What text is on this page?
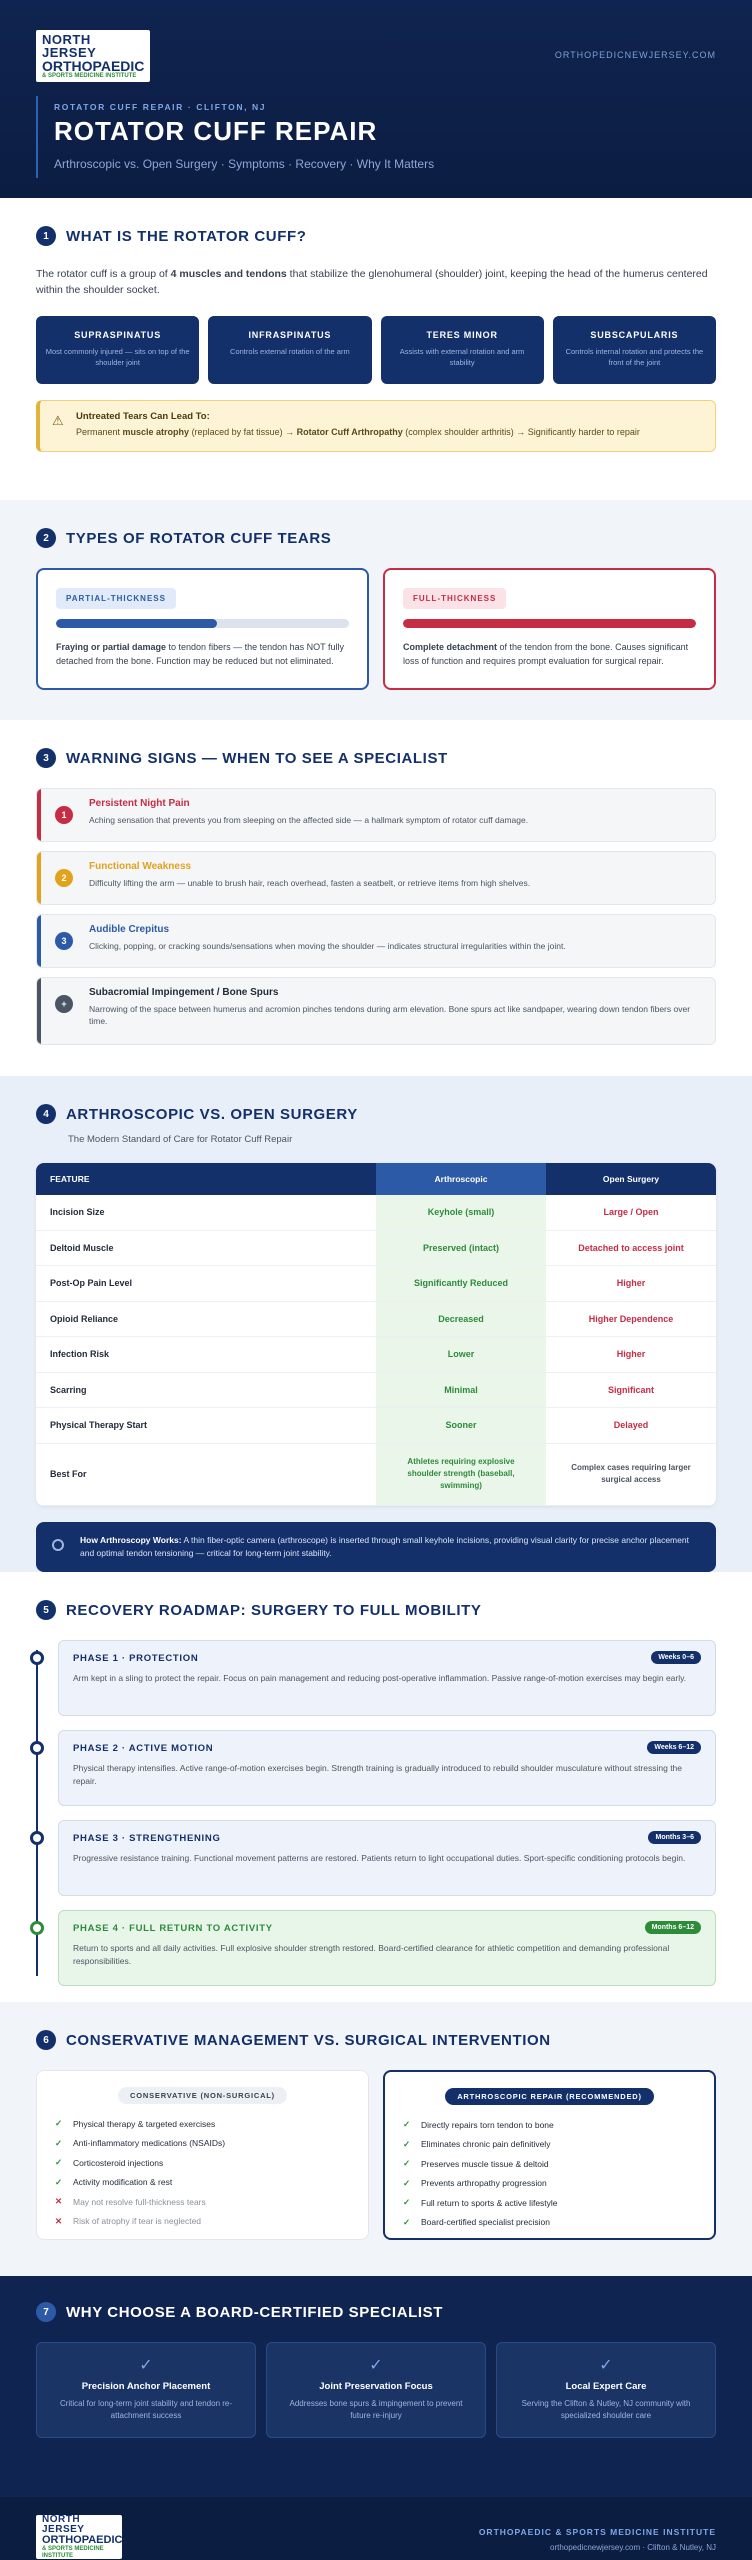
NORTH JERSEY
ORTHOPAEDIC
& SPORTS MEDICINE INSTITUTE
ORTHOPEDICNEWJERSEY.COM
ROTATOR CUFF REPAIR · CLIFTON, NJ
ROTATOR CUFF REPAIR
Arthroscopic vs. Open Surgery · Symptoms · Recovery · Why It Matters
1	WHAT IS THE ROTATOR CUFF?

The rotator cuff is a group of 4 muscles and tendons that stabilize the glenohumeral (shoulder) joint, keeping the head of the humerus centered within the shoulder socket.

SUPRASPINATUS
Most commonly injured — sits on top of the shoulder joint
INFRASPINATUS
Controls external rotation of the arm
TERES MINOR
Assists with external rotation and arm stability
SUBSCAPULARIS
Controls internal rotation and protects the front of the joint
⚠ Untreated Tears Can Lead To:
Permanent muscle atrophy (replaced by fat tissue) → Rotator Cuff Arthropathy (complex shoulder arthritis) → Significantly harder to repair
2	TYPES OF ROTATOR CUFF TEARS
PARTIAL-THICKNESS
Fraying or partial damage to tendon fibers — the tendon has NOT fully detached from the bone. Function may be reduced but not eliminated.
FULL-THICKNESS
Complete detachment of the tendon from the bone. Causes significant loss of function and requires prompt evaluation for surgical repair.
3	WARNING SIGNS — WHEN TO SEE A SPECIALIST
1
Persistent Night Pain
Aching sensation that prevents you from sleeping on the affected side — a hallmark symptom of rotator cuff damage.
2
Functional Weakness
Difficulty lifting the arm — unable to brush hair, reach overhead, fasten a seatbelt, or retrieve items from high shelves.
3
Audible Crepitus
Clicking, popping, or cracking sounds/sensations when moving the shoulder — indicates structural irregularities within the joint.
+
Subacromial Impingement / Bone Spurs
Narrowing of the space between humerus and acromion pinches tendons during arm elevation. Bone spurs act like sandpaper, wearing down tendon fibers over time.
4	ARTHROSCOPIC VS. OPEN SURGERY
The Modern Standard of Care for Rotator Cuff Repair
FEATURE	Arthroscopic	Open Surgery
Incision Size	Keyhole (small)	Large / Open
Deltoid Muscle	Preserved (intact)	Detached to access joint
Post-Op Pain Level	Significantly Reduced	Higher
Opioid Reliance	Decreased	Higher Dependence
Infection Risk	Lower	Higher
Scarring	Minimal	Significant
Physical Therapy Start	Sooner	Delayed
Best For	Athletes requiring explosive shoulder strength (baseball, swimming)	Complex cases requiring larger surgical access
How Arthroscopy Works: A thin fiber-optic camera (arthroscope) is inserted through small keyhole incisions, providing visual clarity for precise anchor placement and optimal tendon tensioning — critical for long-term joint stability.
5	RECOVERY ROADMAP: SURGERY TO FULL MOBILITY
PHASE 1 · PROTECTION	Weeks 0–6
Arm kept in a sling to protect the repair. Focus on pain management and reducing post-operative inflammation. Passive range-of-motion exercises may begin early.
PHASE 2 · ACTIVE MOTION	Weeks 6–12
Physical therapy intensifies. Active range-of-motion exercises begin. Strength training is gradually introduced to rebuild shoulder musculature without stressing the repair.
PHASE 3 · STRENGTHENING	Months 3–6
Progressive resistance training. Functional movement patterns are restored. Patients return to light occupational duties. Sport-specific conditioning protocols begin.
PHASE 4 · FULL RETURN TO ACTIVITY	Months 6–12
Return to sports and all daily activities. Full explosive shoulder strength restored. Board-certified clearance for athletic competition and demanding professional responsibilities.
6	CONSERVATIVE MANAGEMENT VS. SURGICAL INTERVENTION
CONSERVATIVE (NON-SURGICAL)
✓	Physical therapy & targeted exercises
✓	Anti-inflammatory medications (NSAIDs)
✓	Corticosteroid injections
✓	Activity modification & rest
✕	May not resolve full-thickness tears
✕	Risk of atrophy if tear is neglected
ARTHROSCOPIC REPAIR (RECOMMENDED)
✓	Directly repairs torn tendon to bone
✓	Eliminates chronic pain definitively
✓	Preserves muscle tissue & deltoid
✓	Prevents arthropathy progression
✓	Full return to sports & active lifestyle
✓	Board-certified specialist precision
7	WHY CHOOSE A BOARD-CERTIFIED SPECIALIST
✓
Precision Anchor Placement
Critical for long-term joint stability and tendon re-attachment success
✓
Joint Preservation Focus
Addresses bone spurs & impingement to prevent future re-injury
✓
Local Expert Care
Serving the Clifton & Nutley, NJ community with specialized shoulder care
NORTH JERSEY
ORTHOPAEDIC
& SPORTS MEDICINE INSTITUTE
ORTHOPAEDIC & SPORTS MEDICINE INSTITUTE
orthopedicnewjersey.com · Clifton & Nutley, NJ
